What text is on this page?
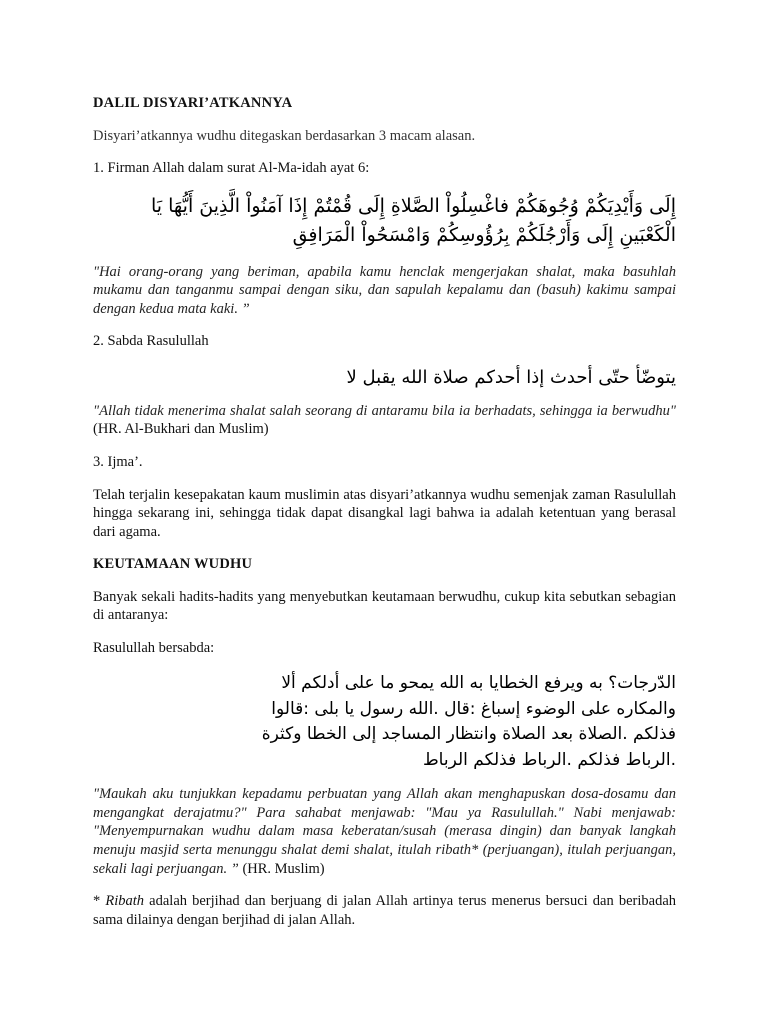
DALIL DISYARI’ATKANNYA
Disyari’atkannya wudhu ditegaskan berdasarkan 3 macam alasan.
1. Firman Allah dalam surat Al-Ma-idah ayat 6:
إِلَى وَأَيْدِيَكُمْ وُجُوهَكُمْ فاغْسِلُواْ الصَّلاةِ إِلَى قُمْتُمْ إِذَا آمَنُواْ الَّذِينَ أَيُّهَا يَا
الْكَعْبَينِ إِلَى وَأَرْجُلَكُمْ بِرُؤُوسِكُمْ وَامْسَحُواْ الْمَرَافِقِ
"Hai orang-orang yang beriman, apabila kamu henclak mengerjakan shalat, maka basuhlah mukamu dan tanganmu sampai dengan siku, dan sapulah kepalamu dan (basuh) kakimu sampai dengan kedua mata kaki. ”
2. Sabda Rasulullah
يتوضّأ حتّى أحدث إذا أحدكم صلاة الله يقبل لا
"Allah tidak menerima shalat salah seorang di antaramu bila ia berhadats, sehingga ia berwudhu" (HR. Al-Bukhari dan Muslim)
3. Ijma’.
Telah terjalin kesepakatan kaum muslimin atas disyari’atkannya wudhu semenjak zaman Rasulullah hingga sekarang ini, sehingga tidak dapat disangkal lagi bahwa ia adalah ketentuan yang berasal dari agama.
KEUTAMAAN WUDHU
Banyak sekali hadits-hadits yang menyebutkan keutamaan berwudhu, cukup kita sebutkan sebagian di antaranya:
Rasulullah bersabda:
الدّرجات؟ به ويرفع الخطايا به الله يمحو ما على أدلكم ألا
والمكاره على الوضوء إسباغ :قال .الله رسول يا بلى :قالوا
فذلكم .الصلاة بعد الصلاة وانتظار المساجد إلى الخطا وكثرة
.الرباط فذلكم .الرباط فذلكم الرباط
"Maukah aku tunjukkan kepadamu perbuatan yang Allah akan menghapuskan dosa-dosamu dan mengangkat derajatmu?" Para sahabat menjawab: "Mau ya Rasulullah." Nabi menjawab: "Menyempurnakan wudhu dalam masa keberatan/susah (merasa dingin) dan banyak langkah menuju masjid serta menunggu shalat demi shalat, itulah ribath* (perjuangan), itulah perjuangan, sekali lagi perjuangan. ” (HR. Muslim)
* Ribath adalah berjihad dan berjuang di jalan Allah artinya terus menerus bersuci dan beribadah sama dilainya dengan berjihad di jalan Allah.
